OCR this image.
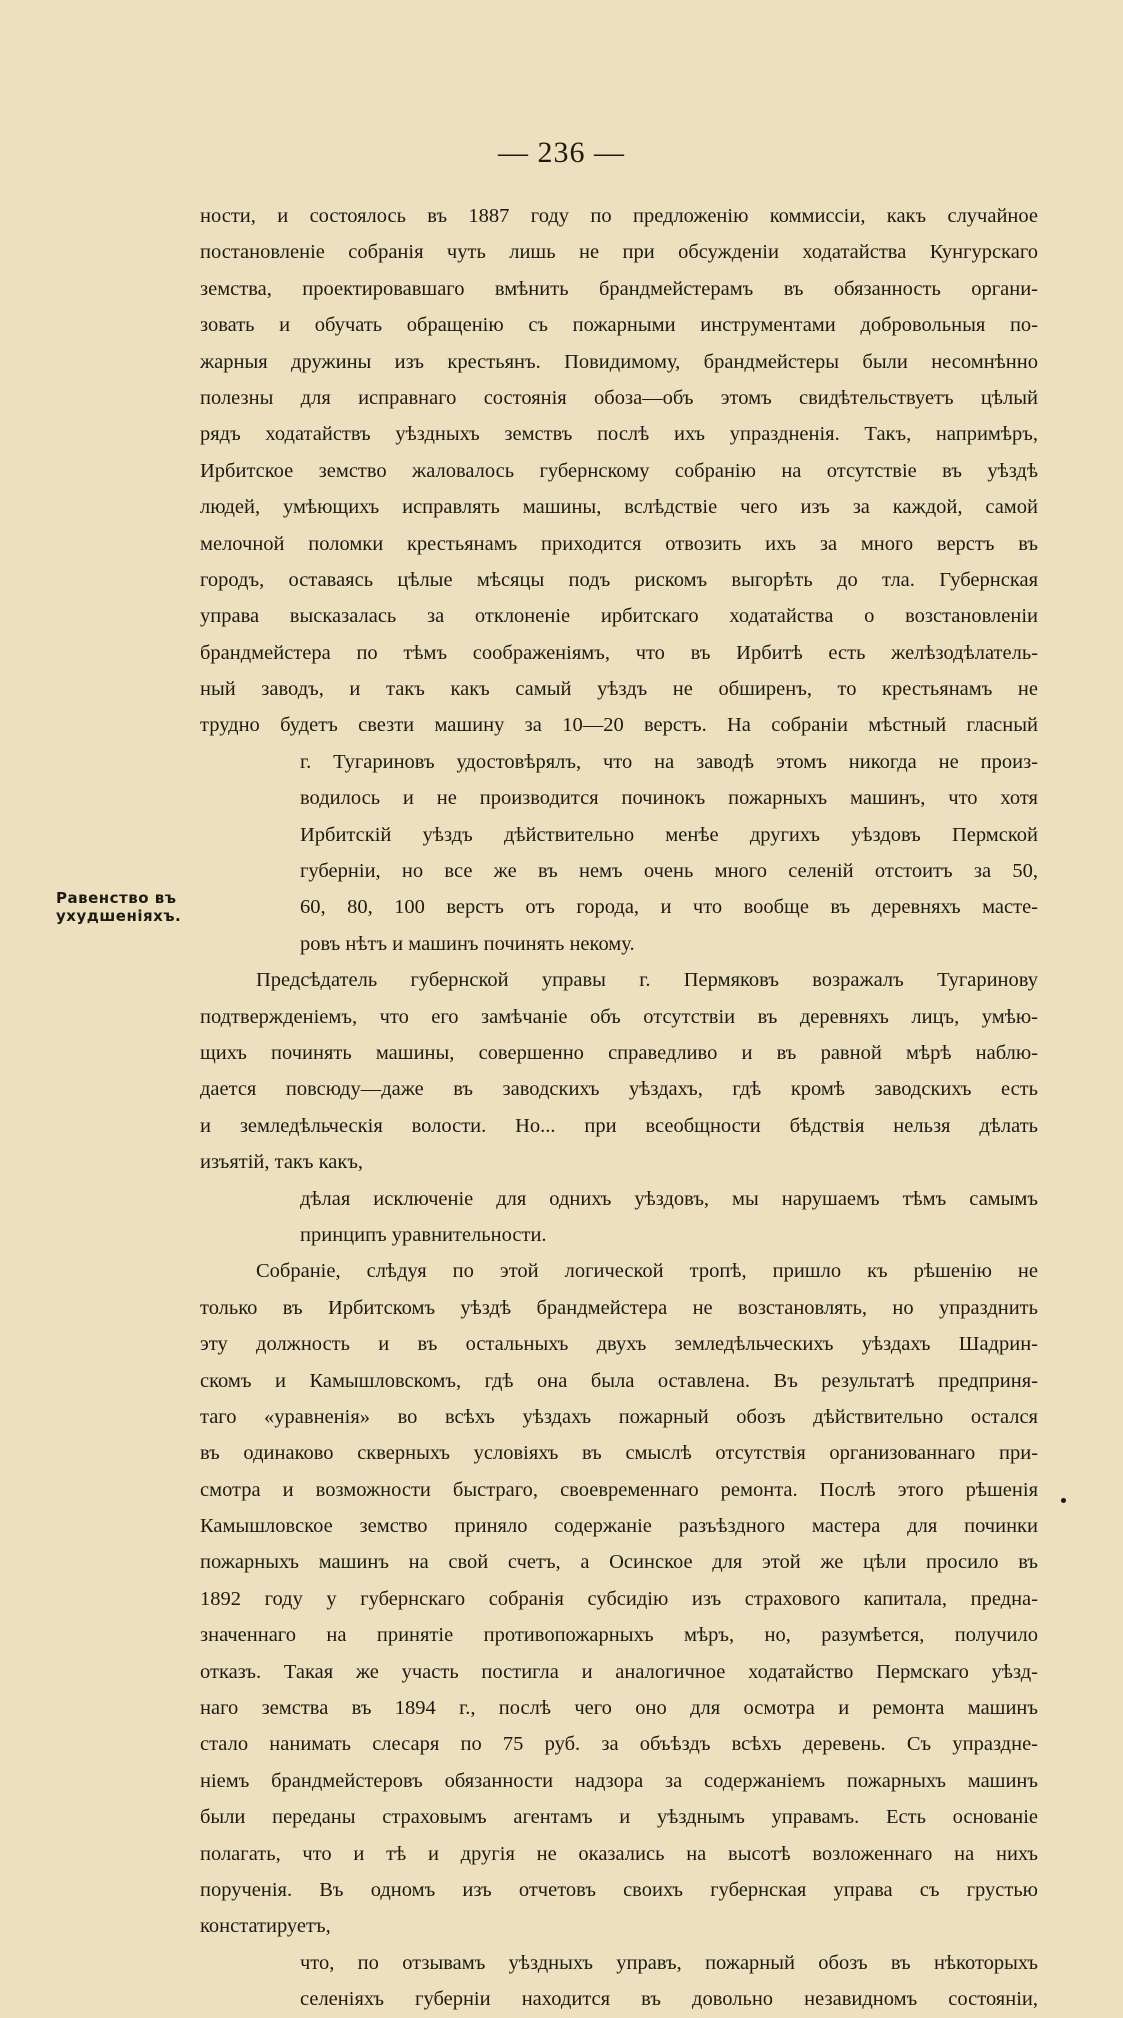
— 236 —
Равенство въ
ухудшеніяхъ.
ности, и состоялось въ 1887 году по предложенію коммиссіи, какъ случайное
постановленіе собранія чуть лишь не при обсужденіи ходатайства Кунгурскаго
земства, проектировавшаго вмѣнить брандмейстерамъ въ обязанность органи-
зовать и обучать обращенію съ пожарными инструментами добровольныя по-
жарныя дружины изъ крестьянъ. Повидимому, брандмейстеры были несомнѣнно
полезны для исправнаго состоянія обоза—объ этомъ свидѣтельствуетъ цѣлый
рядъ ходатайствъ уѣздныхъ земствъ послѣ ихъ упраздненія. Такъ, напримѣръ,
Ирбитское земство жаловалось губернскому собранію на отсутствіе въ уѣздѣ
людей, умѣющихъ исправлять машины, вслѣдствіе чего изъ за каждой, самой
мелочной поломки крестьянамъ приходится отвозить ихъ за много верстъ въ
городъ, оставаясь цѣлые мѣсяцы подъ рискомъ выгорѣть до тла. Губернская
управа высказалась за отклоненіе ирбитскаго ходатайства о возстановленіи
брандмейстера по тѣмъ соображеніямъ, что въ Ирбитѣ есть желѣзодѣлатель-
ный заводъ, и такъ какъ самый уѣздъ не обширенъ, то крестьянамъ не
трудно будетъ свезти машину за 10—20 верстъ. На собраніи мѣстный гласный
г. Тугариновъ удостовѣрялъ, что на заводѣ этомъ никогда не произ-
водилось и не производится починокъ пожарныхъ машинъ, что хотя
Ирбитскій уѣздъ дѣйствительно менѣе другихъ уѣздовъ Пермской
губерніи, но все же въ немъ очень много селеній отстоитъ за 50,
60, 80, 100 верстъ отъ города, и что вообще въ деревняхъ масте-
ровъ нѣтъ и машинъ починять некому.
Предсѣдатель губернской управы г. Пермяковъ возражалъ Тугаринову
подтвержденіемъ, что его замѣчаніе объ отсутствіи въ деревняхъ лицъ, умѣю-
щихъ починять машины, совершенно справедливо и въ равной мѣрѣ наблю-
дается повсюду—даже въ заводскихъ уѣздахъ, гдѣ кромѣ заводскихъ есть
и земледѣльческія волости. Но... при всеобщности бѣдствія нельзя дѣлать
изъятій, такъ какъ,
дѣлая исключеніе для однихъ уѣздовъ, мы нарушаемъ тѣмъ самымъ
принципъ уравнительности.
Собраніе, слѣдуя по этой логической тропѣ, пришло къ рѣшенію не
только въ Ирбитскомъ уѣздѣ брандмейстера не возстановлять, но упразднить
эту должность и въ остальныхъ двухъ земледѣльческихъ уѣздахъ Шадрин-
скомъ и Камышловскомъ, гдѣ она была оставлена. Въ результатѣ предприня-
таго «уравненія» во всѣхъ уѣздахъ пожарный обозъ дѣйствительно остался
въ одинаково скверныхъ условіяхъ въ смыслѣ отсутствія организованнаго при-
смотра и возможности быстраго, своевременнаго ремонта. Послѣ этого рѣшенія
Камышловское земство приняло содержаніе разъѣздного мастера для починки
пожарныхъ машинъ на свой счетъ, а Осинское для этой же цѣли просило въ
1892 году у губернскаго собранія субсидію изъ страхового капитала, предна-
значеннаго на принятіе противопожарныхъ мѣръ, но, разумѣется, получило
отказъ. Такая же участь постигла и аналогичное ходатайство Пермскаго уѣзд-
наго земства въ 1894 г., послѣ чего оно для осмотра и ремонта машинъ
стало нанимать слесаря по 75 руб. за объѣздъ всѣхъ деревень. Съ упраздне-
ніемъ брандмейстеровъ обязанности надзора за содержаніемъ пожарныхъ машинъ
были переданы страховымъ агентамъ и уѣзднымъ управамъ. Есть основаніе
полагать, что и тѣ и другія не оказались на высотѣ возложеннаго на нихъ
порученія. Въ одномъ изъ отчетовъ своихъ губернская управа съ грустью
констатируетъ,
что, по отзывамъ уѣздныхъ управъ, пожарный обозъ въ нѣкоторыхъ
селеніяхъ губерніи находится въ довольно незавидномъ состояніи,
